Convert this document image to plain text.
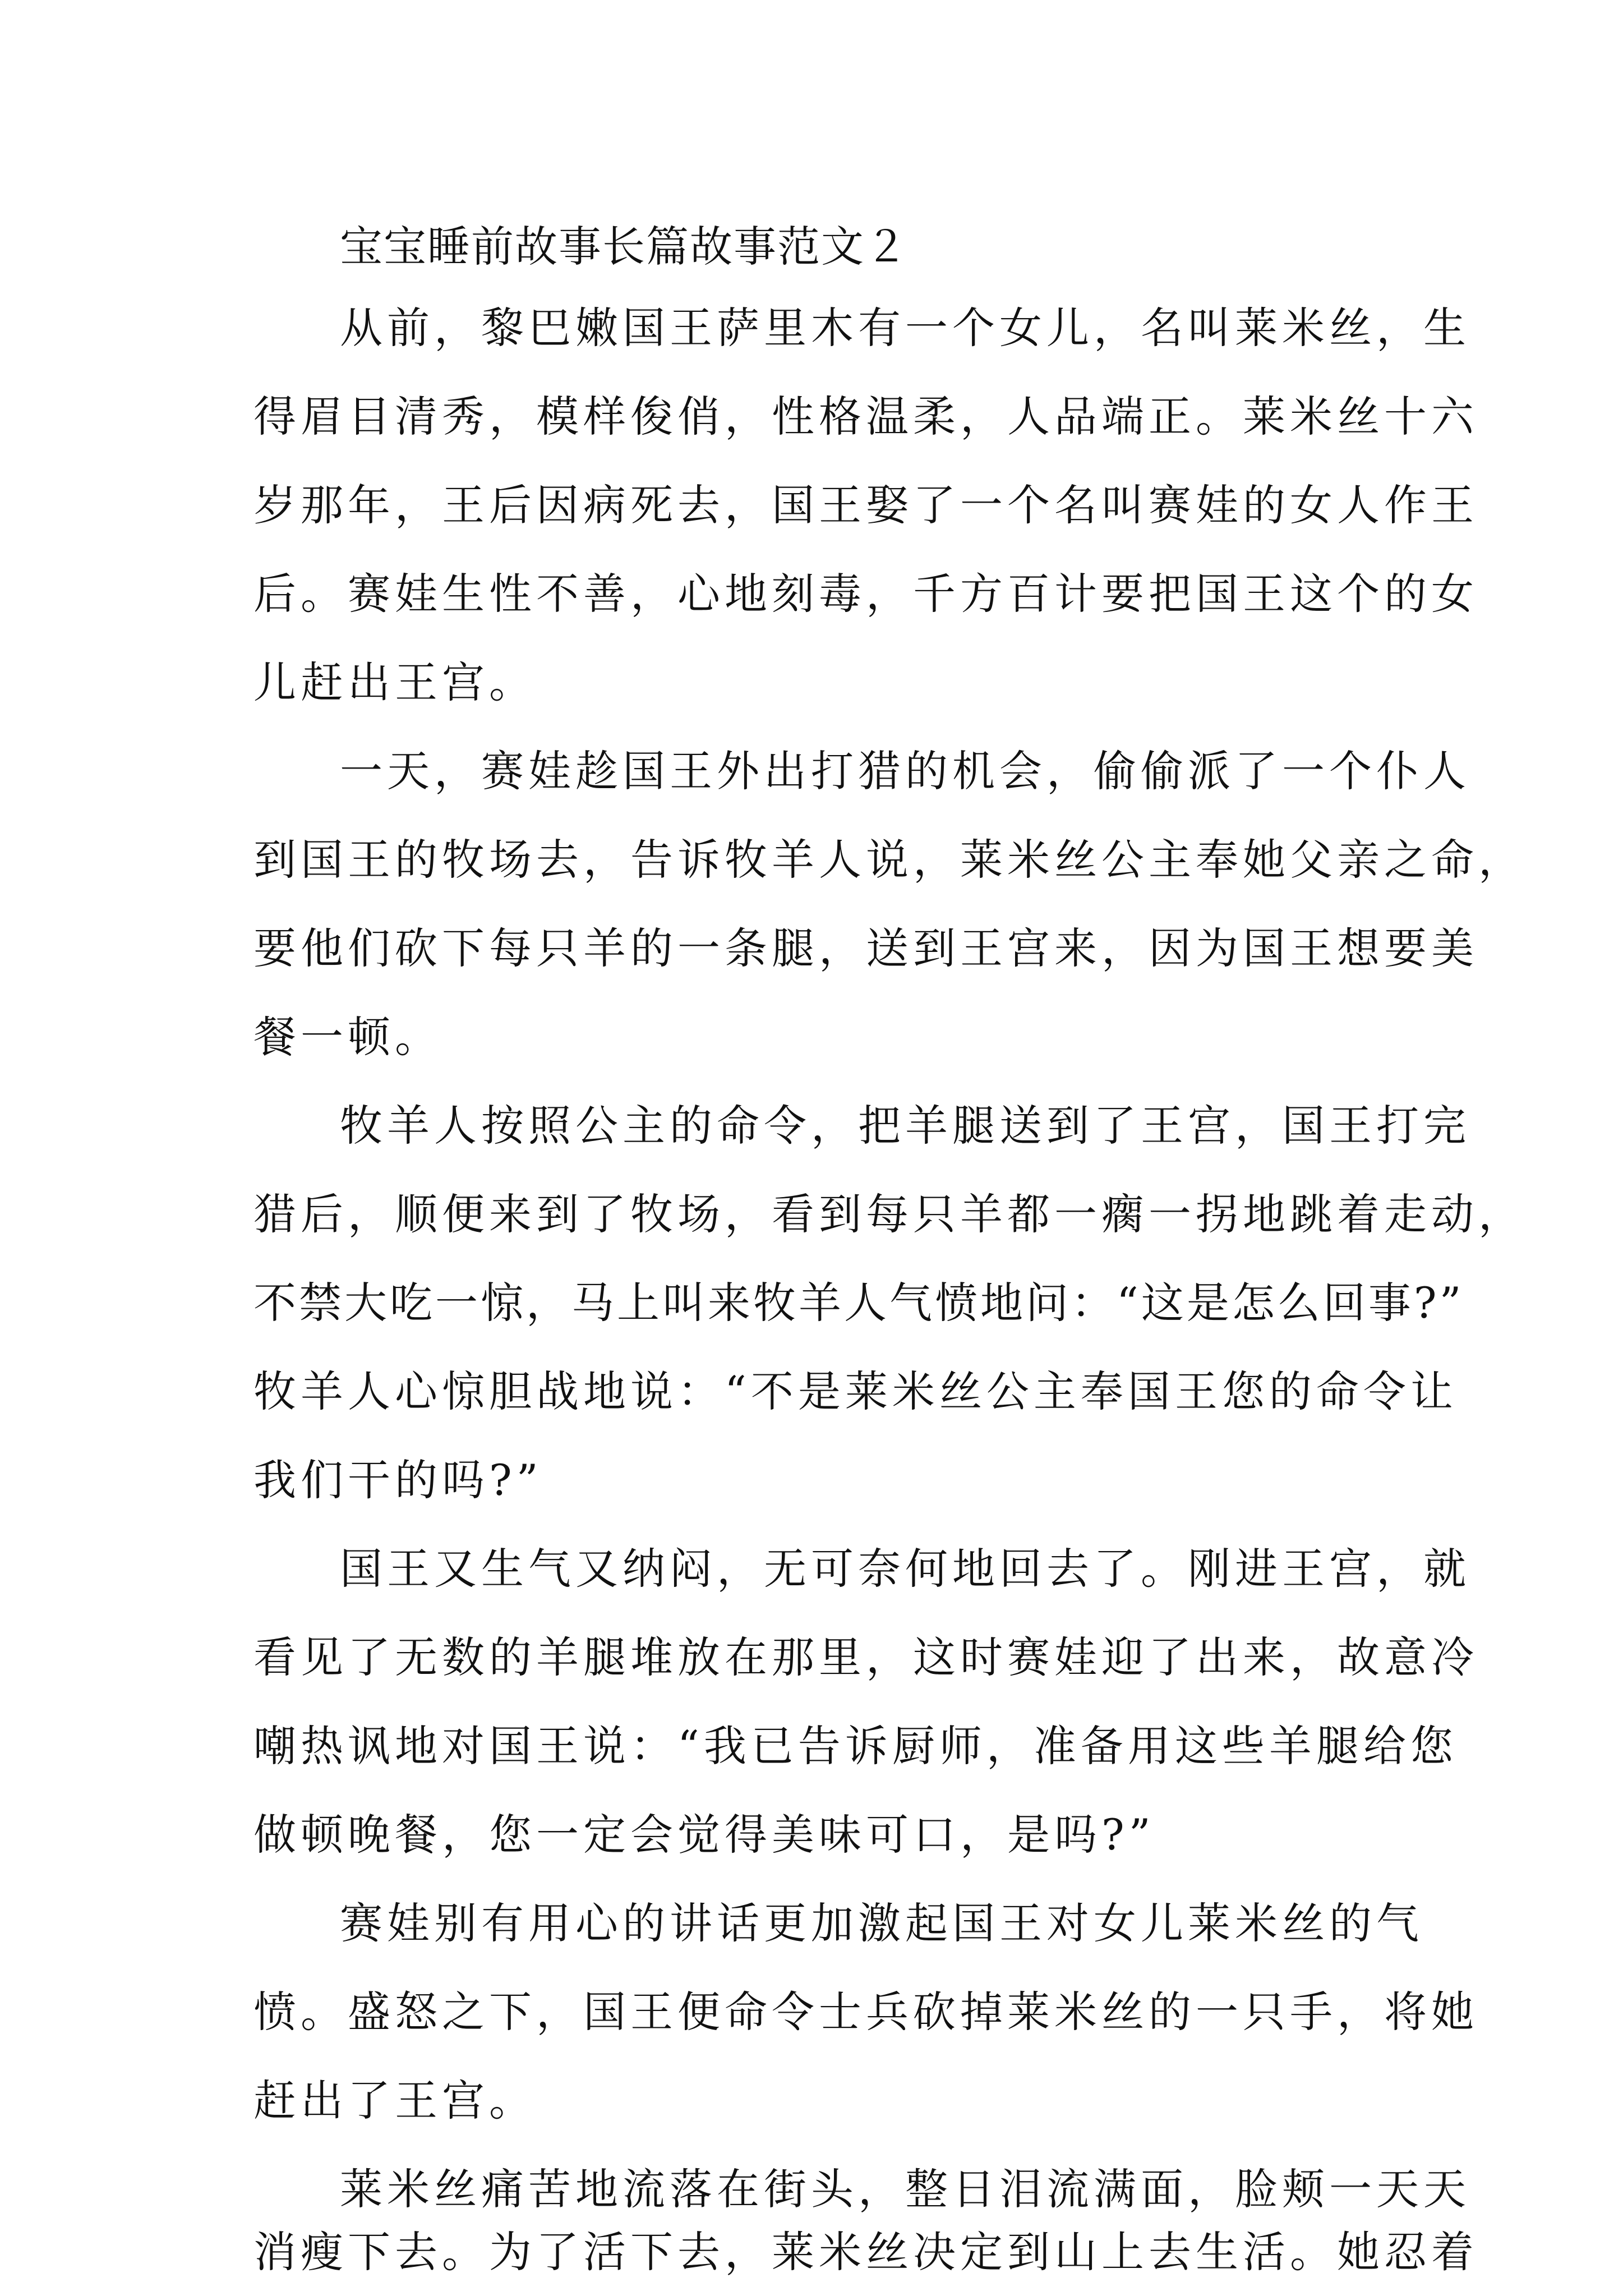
宝宝睡前故事长篇故事范文２
从前，黎巴嫩国王萨里木有一个女儿，名叫莱米丝，生
得眉目清秀，模样俊俏，性格温柔，人品端正。莱米丝十六
岁那年，王后因病死去，国王娶了一个名叫赛娃的女人作王
后。赛娃生性不善，心地刻毒，千方百计要把国王这个的女
儿赶出王宫。
一天，赛娃趁国王外出打猎的机会，偷偷派了一个仆人
到国王的牧场去，告诉牧羊人说，莱米丝公主奉她父亲之命，
要他们砍下每只羊的一条腿，送到王宫来，因为国王想要美
餐一顿。
牧羊人按照公主的命令，把羊腿送到了王宫，国王打完
猎后，顺便来到了牧场，看到每只羊都一瘸一拐地跳着走动，
不禁大吃一惊，马上叫来牧羊人气愤地问：“这是怎么回事?”
牧羊人心惊胆战地说：“不是莱米丝公主奉国王您的命令让
我们干的吗?”
国王又生气又纳闷，无可奈何地回去了。刚进王宫，就
看见了无数的羊腿堆放在那里，这时赛娃迎了出来，故意冷
嘲热讽地对国王说：“我已告诉厨师，准备用这些羊腿给您
做顿晚餐，您一定会觉得美味可口，是吗?”
赛娃别有用心的讲话更加激起国王对女儿莱米丝的气
愤。盛怒之下，国王便命令士兵砍掉莱米丝的一只手，将她
赶出了王宫。
莱米丝痛苦地流落在街头，整日泪流满面，脸颊一天天
消瘦下去。为了活下去，莱米丝决定到山上去生活。她忍着
